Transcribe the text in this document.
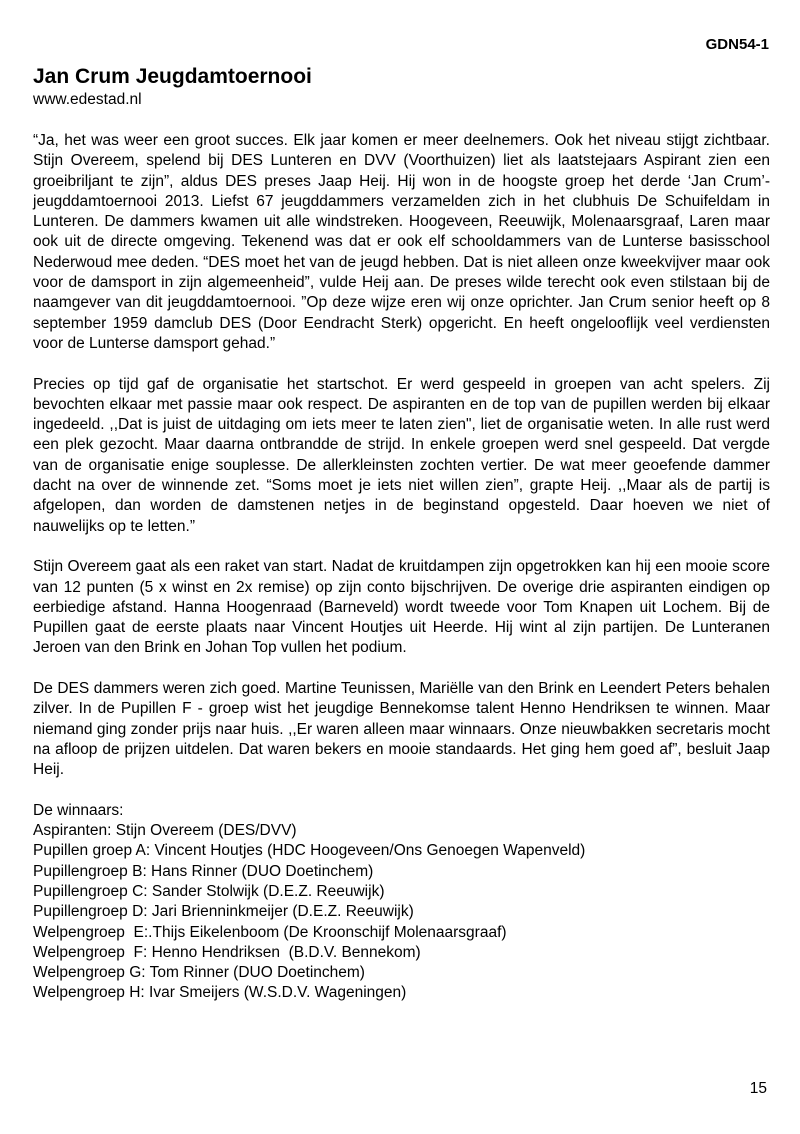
GDN54-1
Jan Crum Jeugdamtoernooi
www.edestad.nl

“Ja, het was weer een groot succes. Elk jaar komen er meer deelnemers. Ook het niveau stijgt zichtbaar. Stijn Overeem, spelend bij DES Lunteren en DVV (Voorthuizen) liet als laatstejaars Aspirant zien een groeibriljant te zijn”, aldus DES preses Jaap Heij. Hij won in de hoogste groep het derde ‘Jan Crum’-jeugddamtoernooi 2013. Liefst 67 jeugddammers verzamelden zich in het clubhuis De Schuifeldam in Lunteren. De dammers kwamen uit alle windstreken. Hoogeveen, Reeuwijk, Molenaarsgraaf, Laren maar ook uit de directe omgeving. Tekenend was dat er ook elf schooldammers van de Lunterse basisschool Nederwoud mee deden. “DES moet het van de jeugd hebben. Dat is niet alleen onze kweekvijver maar ook voor de damsport in zijn algemeenheid”, vulde Heij aan. De preses wilde terecht ook even stilstaan bij de naamgever van dit jeugddamtoernooi. ”Op deze wijze eren wij onze oprichter. Jan Crum senior heeft op 8 september 1959 damclub DES (Door Eendracht Sterk) opgericht. En heeft ongelooflijk veel verdiensten voor de Lunterse damsport gehad.”

Precies op tijd gaf de organisatie het startschot. Er werd gespeeld in groepen van acht spelers. Zij bevochten elkaar met passie maar ook respect. De aspiranten en de top van de pupillen werden bij elkaar ingedeeld. ,,Dat is juist de uitdaging om iets meer te laten zien", liet de organisatie weten. In alle rust werd een plek gezocht. Maar daarna ontbrandde de strijd. In enkele groepen werd snel gespeeld. Dat vergde van de organisatie enige souplesse. De allerkleinsten zochten vertier. De wat meer geoefende dammer dacht na over de winnende zet. “Soms moet je iets niet willen zien”, grapte Heij. ,,Maar als de partij is afgelopen, dan worden de damstenen netjes in de beginstand opgesteld. Daar hoeven we niet of nauwelijks op te letten.”

Stijn Overeem gaat als een raket van start. Nadat de kruitdampen zijn opgetrokken kan hij een mooie score van 12 punten (5 x winst en 2x remise) op zijn conto bijschrijven. De overige drie aspiranten eindigen op eerbiedige afstand. Hanna Hoogenraad (Barneveld) wordt tweede voor Tom Knapen uit Lochem. Bij de Pupillen gaat de eerste plaats naar Vincent Houtjes uit Heerde. Hij wint al zijn partijen. De Lunteranen Jeroen van den Brink en Johan Top vullen het podium.

De DES dammers weren zich goed. Martine Teunissen, Mariëlle van den Brink en Leendert Peters behalen zilver. In de Pupillen F - groep wist het jeugdige Bennekomse talent Henno Hendriksen te winnen. Maar niemand ging zonder prijs naar huis. ,,Er waren alleen maar winnaars. Onze nieuwbakken secretaris mocht na afloop de prijzen uitdelen. Dat waren bekers en mooie standaards. Het ging hem goed af”, besluit Jaap Heij.

De winnaars:
Aspiranten: Stijn Overeem (DES/DVV)
Pupillen groep A: Vincent Houtjes (HDC Hoogeveen/Ons Genoegen Wapenveld)
Pupillengroep B: Hans Rinner (DUO Doetinchem)
Pupillengroep C: Sander Stolwijk (D.E.Z. Reeuwijk)
Pupillengroep D: Jari Brienninkmeijer (D.E.Z. Reeuwijk)
Welpengroep  E:.Thijs Eikelenboom (De Kroonschijf Molenaarsgraaf)
Welpengroep  F: Henno Hendriksen  (B.D.V. Bennekom)
Welpengroep G: Tom Rinner (DUO Doetinchem)
Welpengroep H: Ivar Smeijers (W.S.D.V. Wageningen)
15
